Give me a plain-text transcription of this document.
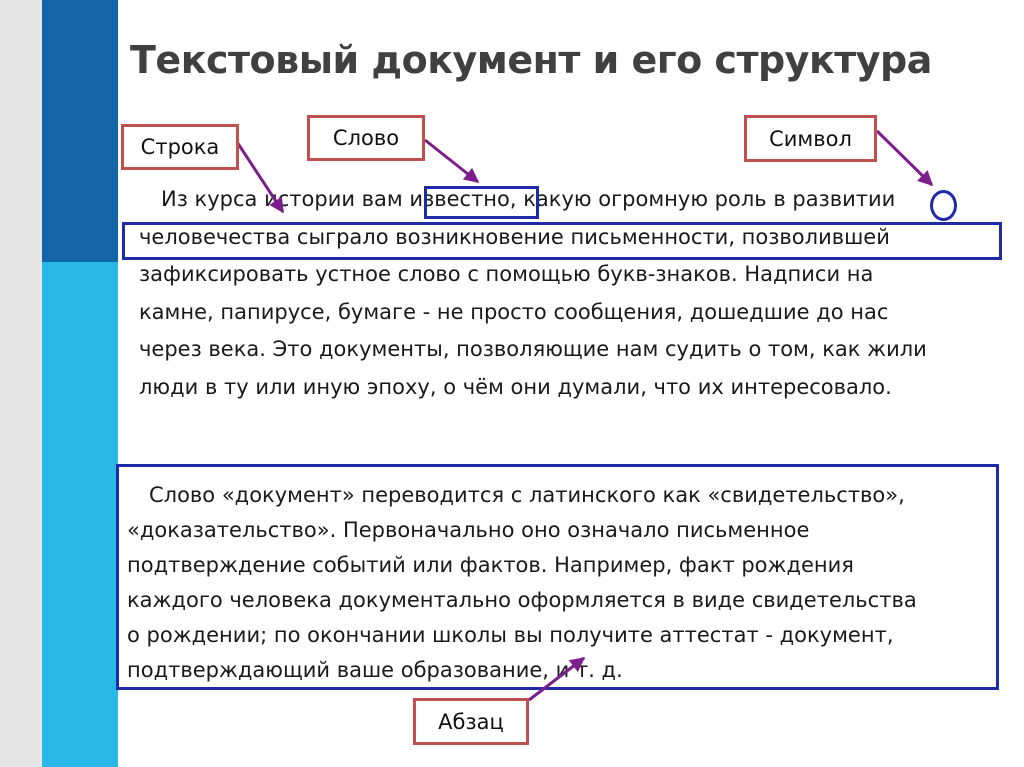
Текстовый документ и его структура
Из курса истории вам известно, какую огромную роль в развитии
человечества сыграло возникновение письменности, позволившей
зафиксировать устное слово с помощью букв-знаков. Надписи на
камне, папирусе, бумаге - не просто сообщения, дошедшие до нас
через века. Это документы, позволяющие нам судить о том, как жили
люди в ту или иную эпоху, о чём они думали, что их интересовало.
Слово «документ» переводится с латинского как «свидетельство»,
«доказательство». Первоначально оно означало письменное
подтверждение событий или фактов. Например, факт рождения
каждого человека документально оформляется в виде свидетельства
о рождении; по окончании школы вы получите аттестат - документ,
подтверждающий ваше образование, и т. д.
Строка	Слово	Символ
Абзац
